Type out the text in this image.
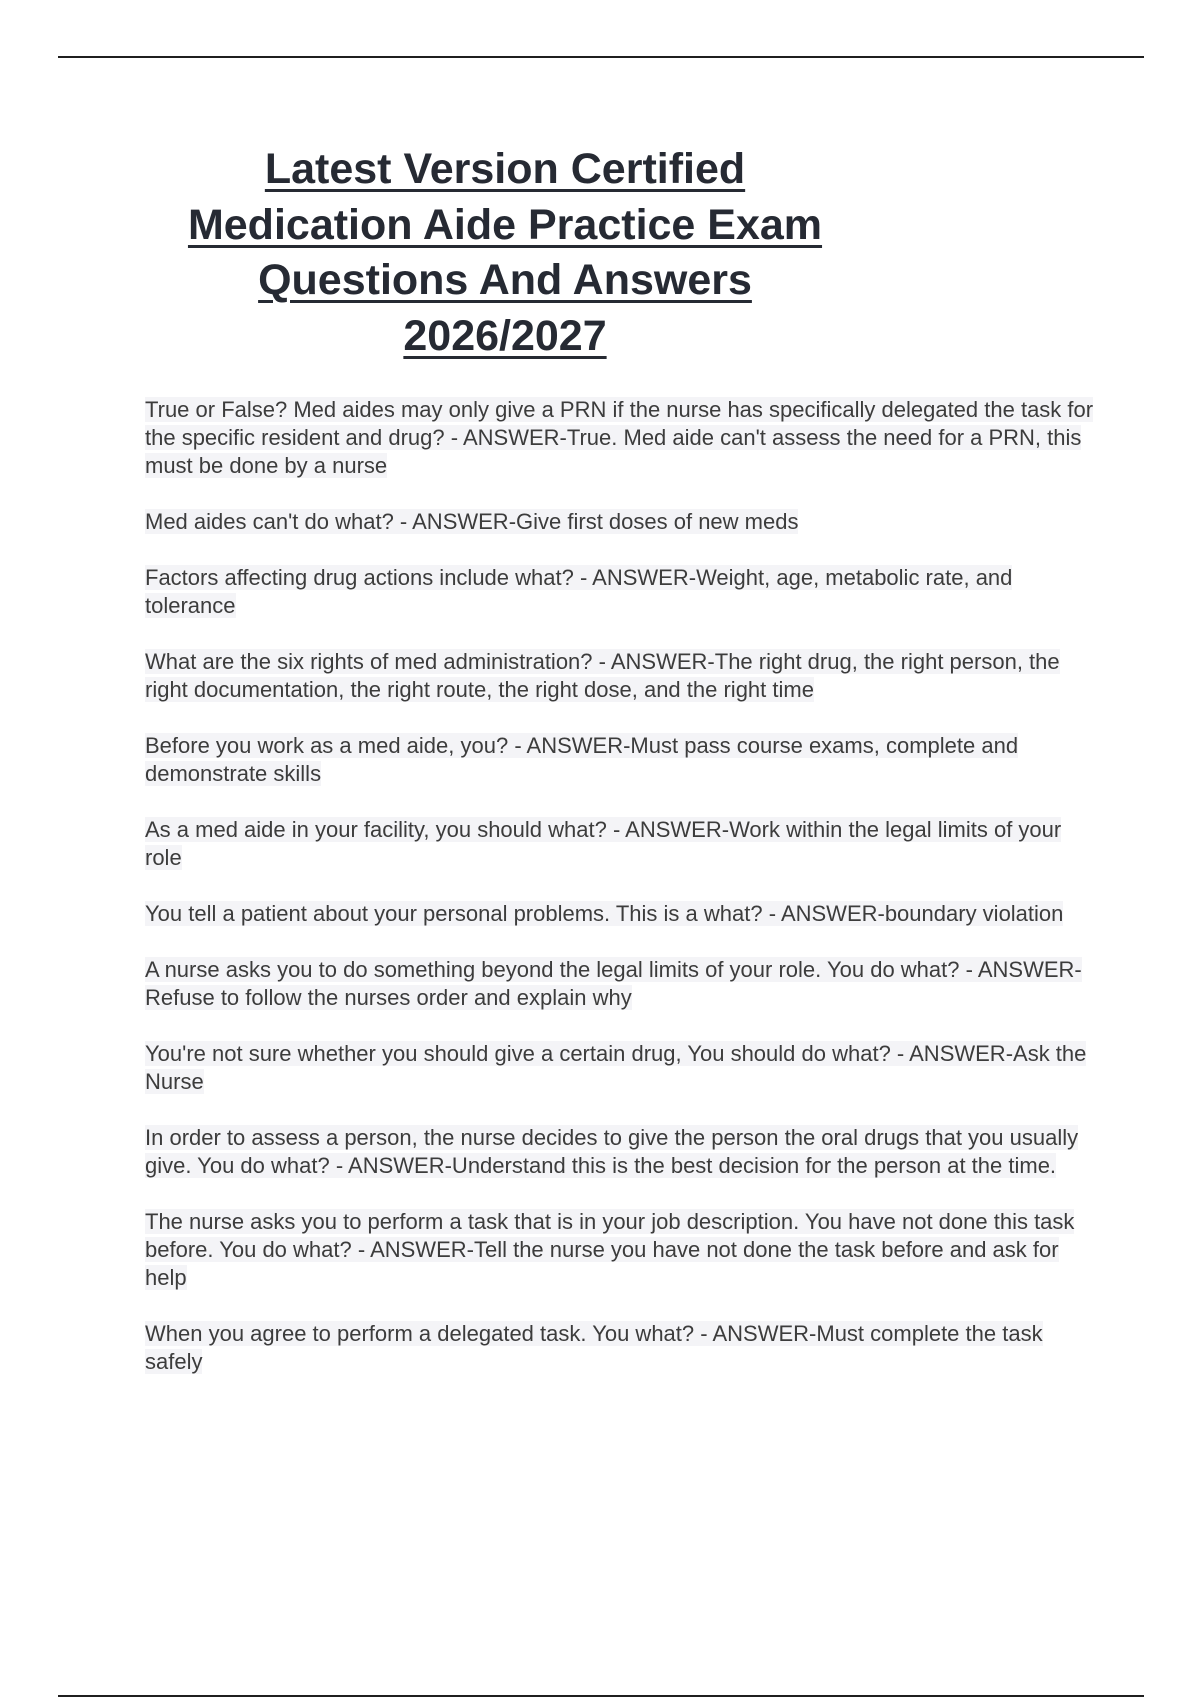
Latest Version Certified
Medication Aide Practice Exam
Questions And Answers
2026/2027

True or False? Med aides may only give a PRN if the nurse has specifically delegated the task for the specific resident and drug? - ANSWER-True. Med aide can't assess the need for a PRN, this must be done by a nurse

Med aides can't do what? - ANSWER-Give first doses of new meds

Factors affecting drug actions include what? - ANSWER-Weight, age, metabolic rate, and tolerance

What are the six rights of med administration? - ANSWER-The right drug, the right person, the right documentation, the right route, the right dose, and the right time

Before you work as a med aide, you? - ANSWER-Must pass course exams, complete and demonstrate skills

As a med aide in your facility, you should what? - ANSWER-Work within the legal limits of your role

You tell a patient about your personal problems. This is a what? - ANSWER-boundary violation

A nurse asks you to do something beyond the legal limits of your role. You do what? - ANSWER-Refuse to follow the nurses order and explain why

You're not sure whether you should give a certain drug, You should do what? - ANSWER-Ask the Nurse

In order to assess a person, the nurse decides to give the person the oral drugs that you usually give. You do what? - ANSWER-Understand this is the best decision for the person at the time.

The nurse asks you to perform a task that is in your job description. You have not done this task before. You do what? - ANSWER-Tell the nurse you have not done the task before and ask for help

When you agree to perform a delegated task. You what? - ANSWER-Must complete the task safely
